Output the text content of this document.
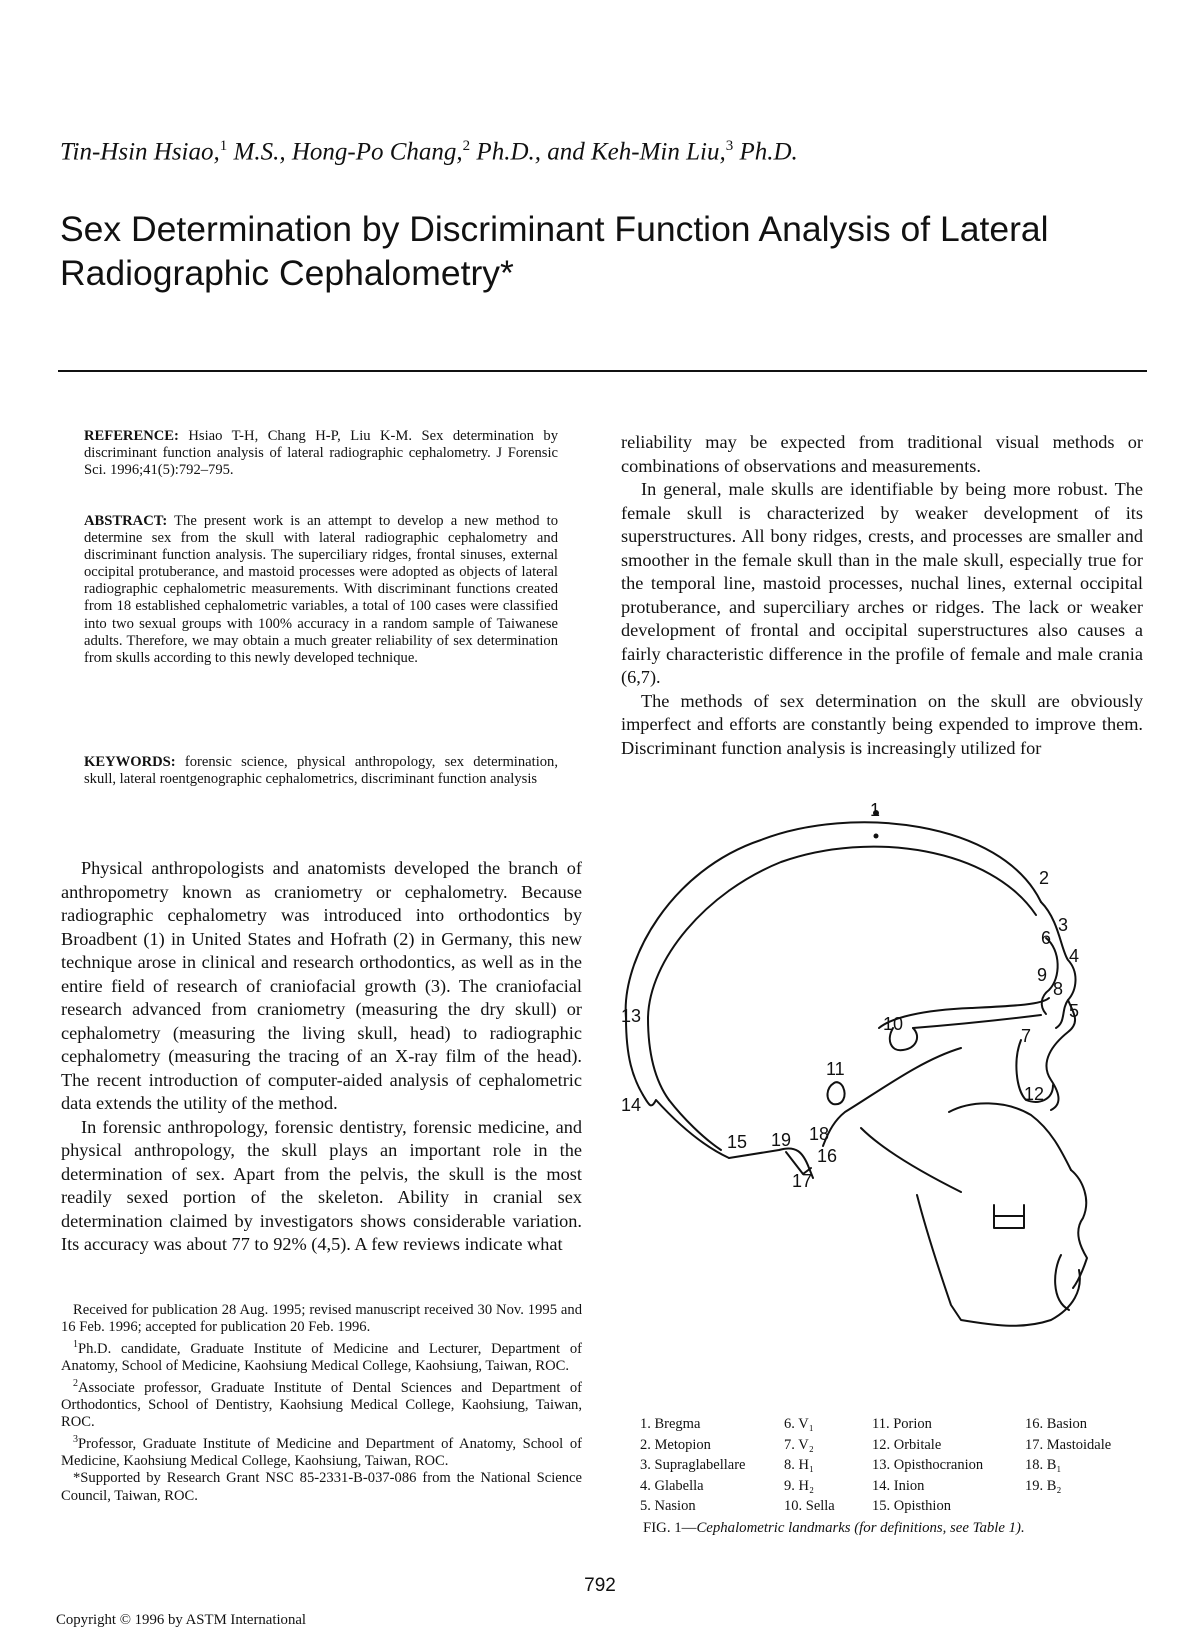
Tin-Hsin Hsiao,$^1$ M.S., Hong-Po Chang,$^2$ Ph.D., and Keh-Min Liu,$^3$ Ph.D.
Sex Determination by Discriminant Function Analysis of Lateral Radiographic Cephalometry*

REFERENCE: Hsiao T-H, Chang H-P, Liu K-M. Sex determination by discriminant function analysis of lateral radiographic cephalometry. J Forensic Sci. 1996;41(5):792–795.

ABSTRACT: The present work is an attempt to develop a new method to determine sex from the skull with lateral radiographic cephalometry and discriminant function analysis. The superciliary ridges, frontal sinuses, external occipital protuberance, and mastoid processes were adopted as objects of lateral radiographic cephalometric measurements. With discriminant functions created from 18 established cephalometric variables, a total of 100 cases were classified into two sexual groups with 100% accuracy in a random sample of Taiwanese adults. Therefore, we may obtain a much greater reliability of sex determination from skulls according to this newly developed technique.

KEYWORDS: forensic science, physical anthropology, sex determination, skull, lateral roentgenographic cephalometrics, discriminant function analysis

Physical anthropologists and anatomists developed the branch of anthropometry known as craniometry or cephalometry. Because radiographic cephalometry was introduced into orthodontics by Broadbent (1) in United States and Hofrath (2) in Germany, this new technique arose in clinical and research orthodontics, as well as in the entire field of research of craniofacial growth (3). The craniofacial research advanced from craniometry (measuring the dry skull) or cephalometry (measuring the living skull, head) to radiographic cephalometry (measuring the tracing of an X-ray film of the head). The recent introduction of computer-aided analysis of cephalometric data extends the utility of the method.
In forensic anthropology, forensic dentistry, forensic medicine, and physical anthropology, the skull plays an important role in the determination of sex. Apart from the pelvis, the skull is the most readily sexed portion of the skeleton. Ability in cranial sex determination claimed by investigators shows considerable variation. Its accuracy was about 77 to 92% (4,5). A few reviews indicate what
reliability may be expected from traditional visual methods or combinations of observations and measurements.
In general, male skulls are identifiable by being more robust. The female skull is characterized by weaker development of its superstructures. All bony ridges, crests, and processes are smaller and smoother in the female skull than in the male skull, especially true for the temporal line, mastoid processes, nuchal lines, external occipital protuberance, and superciliary arches or ridges. The lack or weaker development of frontal and occipital superstructures also causes a fairly characteristic difference in the profile of female and male crania (6,7).
The methods of sex determination on the skull are obviously imperfect and efforts are constantly being expended to improve them. Discriminant function analysis is increasingly utilized for
Received for publication 28 Aug. 1995; revised manuscript received 30 Nov. 1995 and 16 Feb. 1996; accepted for publication 20 Feb. 1996.
$^1$Ph.D. candidate, Graduate Institute of Medicine and Lecturer, Department of Anatomy, School of Medicine, Kaohsiung Medical College, Kaohsiung, Taiwan, ROC.
$^2$Associate professor, Graduate Institute of Dental Sciences and Department of Orthodontics, School of Dentistry, Kaohsiung Medical College, Kaohsiung, Taiwan, ROC.
$^3$Professor, Graduate Institute of Medicine and Department of Anatomy, School of Medicine, Kaohsiung Medical College, Kaohsiung, Taiwan, ROC.
*Supported by Research Grant NSC 85-2331-B-037-086 from the National Science Council, Taiwan, ROC.
1
2
3
4
5
6
7
8
9
10
11
12
13
14
15
16
17
18
19
1. Bregma
2. Metopion
3. Supraglabellare
4. Glabella
5. Nasion
6. V₁
7. V₂
8. H₁
9. H₂
10. Sella
11. Porion
12. Orbitale
13. Opisthocranion
14. Inion
15. Opisthion
16. Basion
17. Mastoidale
18. B₁
19. B₂
FIG. 1—Cephalometric landmarks (for definitions, see Table 1).
792
Copyright © 1996 by ASTM International
